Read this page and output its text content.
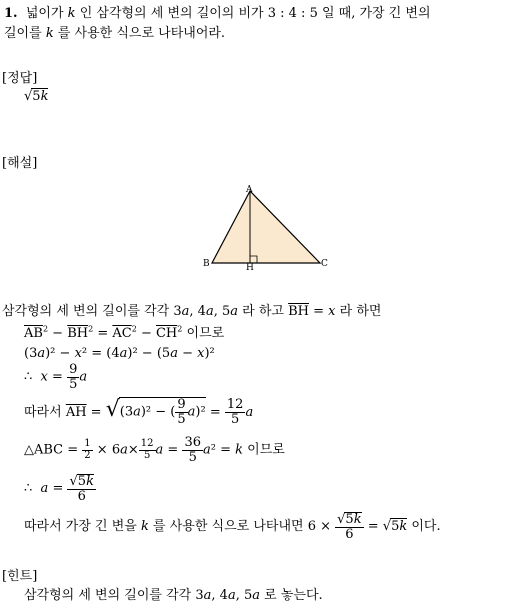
1.  넓이가 k 인 삼각형의 세 변의 길이의 비가 3 : 4 : 5 일 때, 가장 긴 변의
길이를 k 를 사용한 식으로 나타내어라.
[정답]
√5k
[해설]
A
B	H	C
삼각형의 세 변의 길이를 각각 3a, 4a, 5a 라 하고 $\overline{BH} = x$ 라 하면
$\overline{AB}^2 - \overline{BH}^2 = \overline{AC}^2 - \overline{CH}^2$ 이므로
(3a)² − x² = (4a)² − (5a − x)²
∴  $x = \frac{9}{5}$ a
따라서 $\overline{AH} = √(3a)^2$ − ( $\frac{9}{5} a)^2 = \frac{12}{5}$ a
△ABC = $\frac{1}{2} \times 6a\times \frac{12}{5}$ $a = \frac{36}{5} a^2 = k$ 이므로
∴  $a = \frac{√5k}{6}$
따라서 가장 긴 변을 k 를 사용한 식으로 나타내면 $6 \times \frac{√5k}{6} = √5k$ 이다.
[힌트]
삼각형의 세 변의 길이를 각각 3a, 4a, 5a 로 놓는다.
